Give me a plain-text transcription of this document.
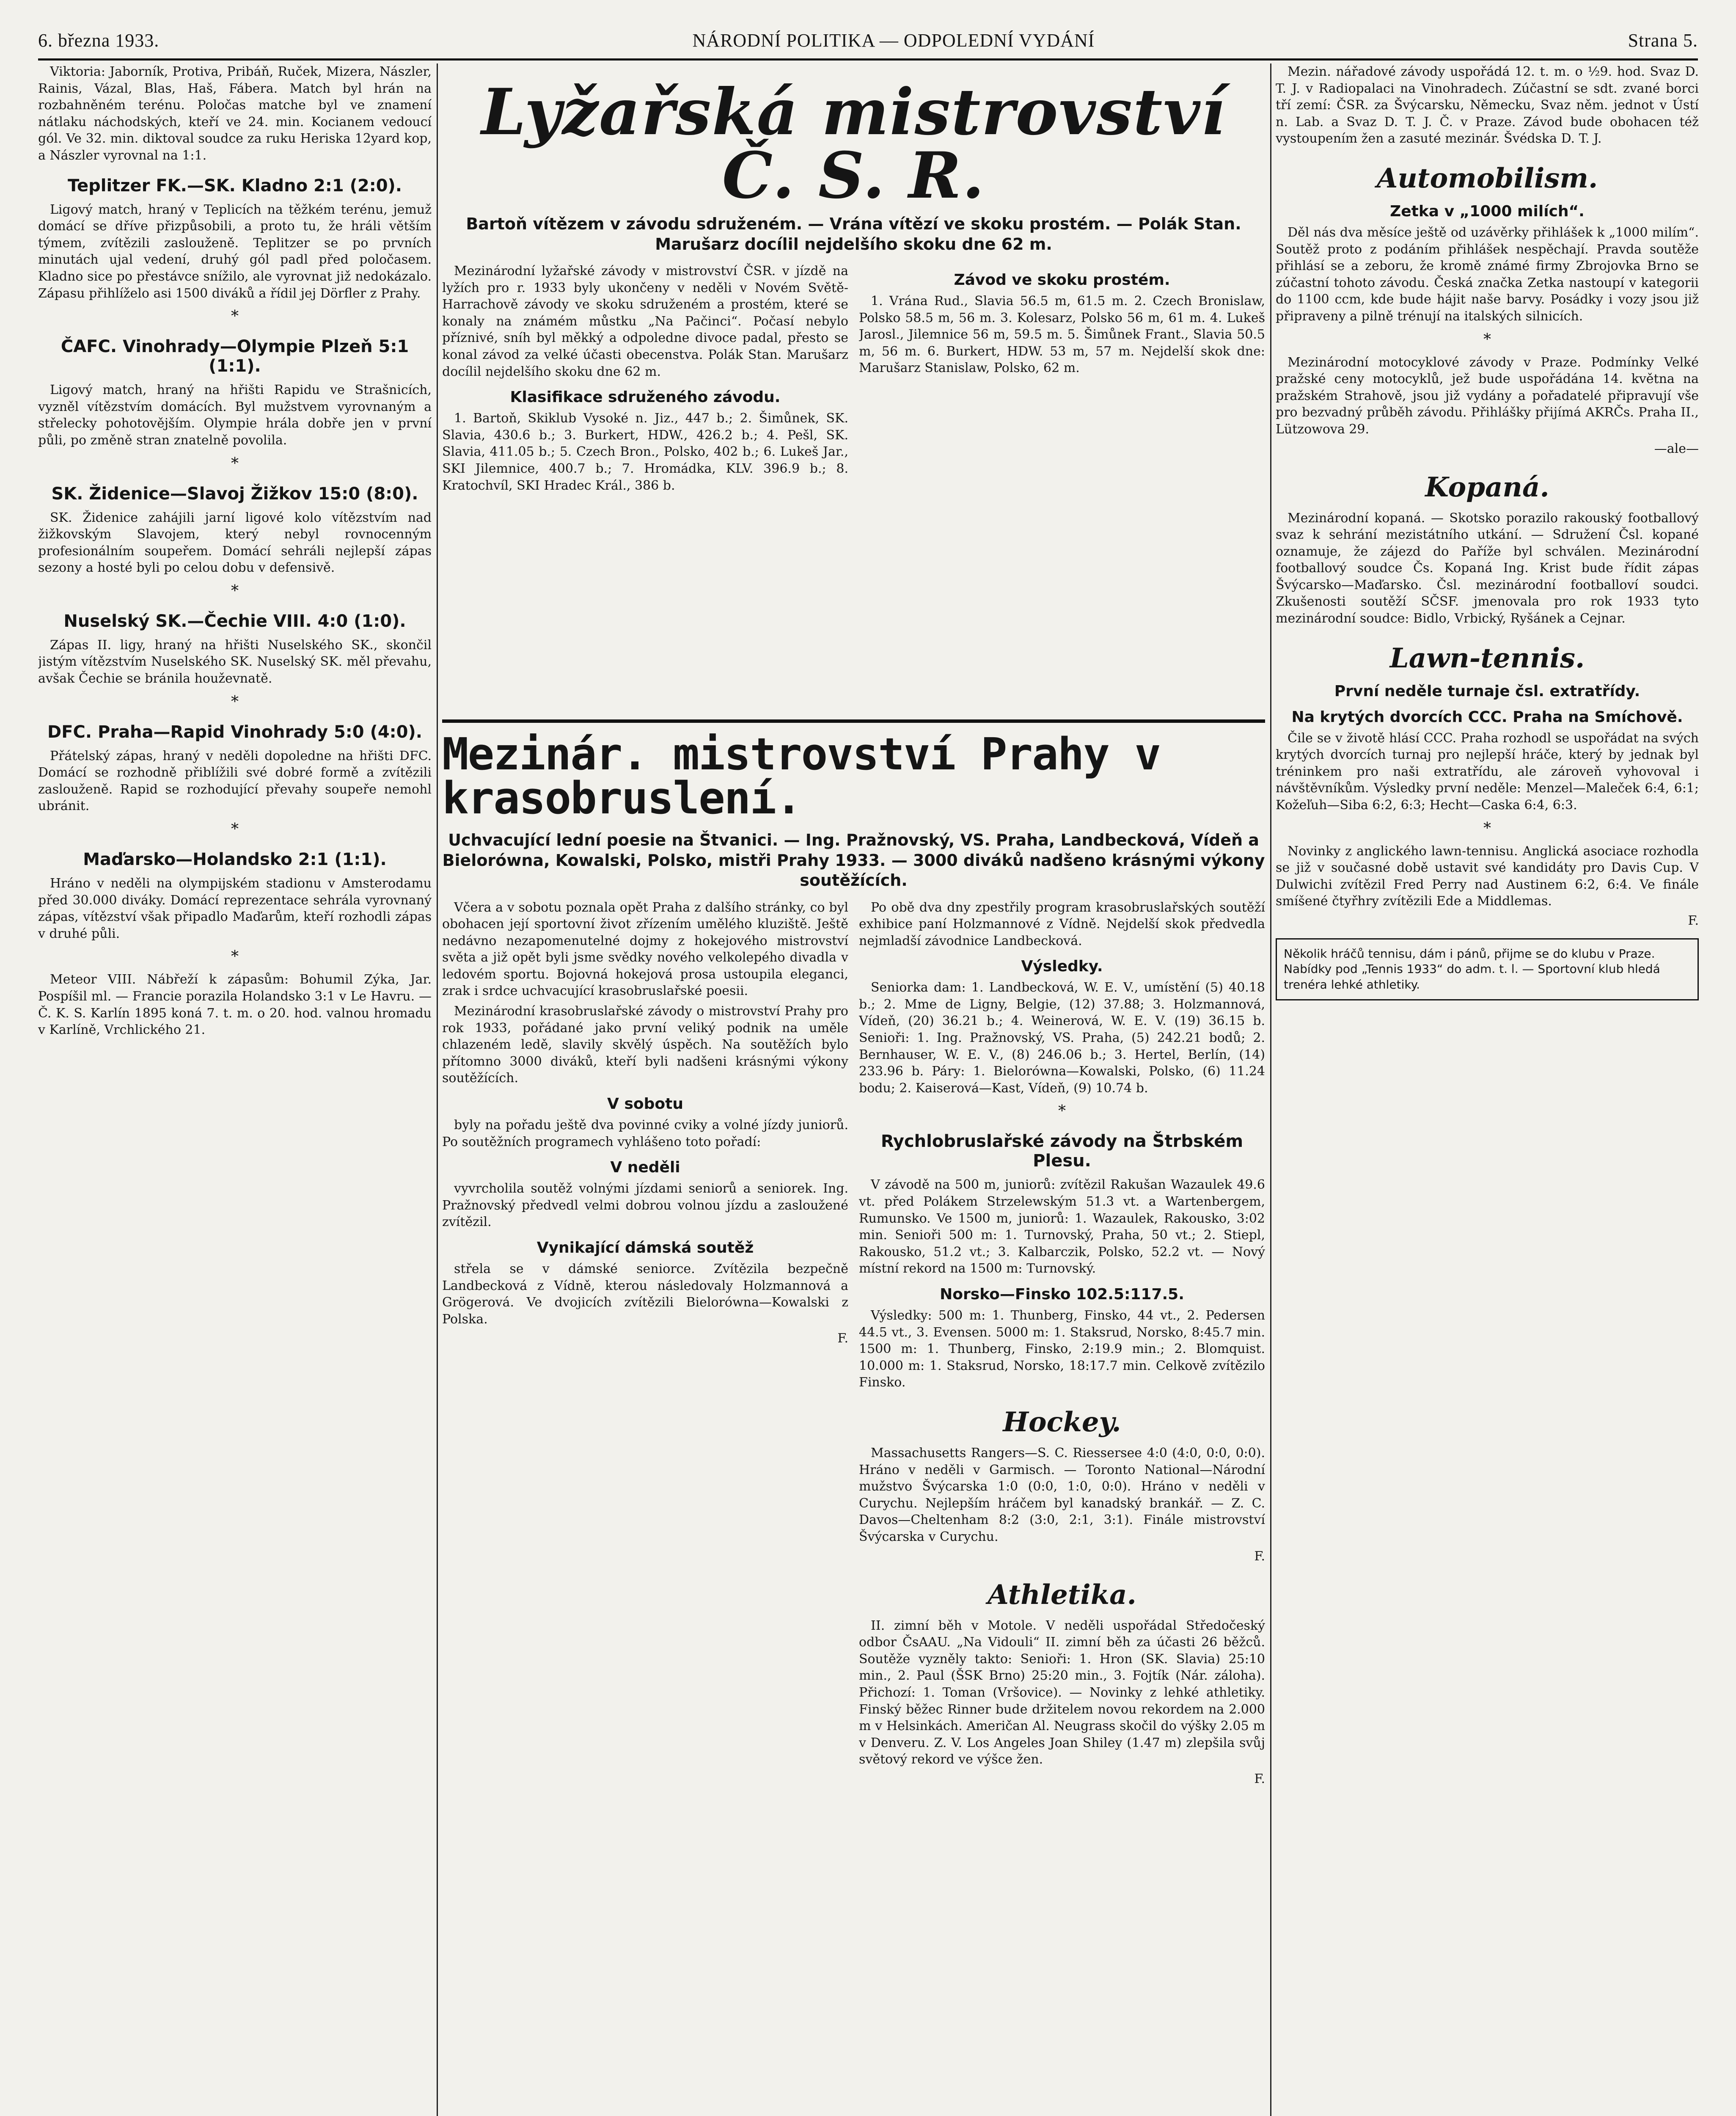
6. března 1933.	NÁRODNÍ POLITIKA — ODPOLEDNÍ VYDÁNÍ	Strana 5.

Viktoria: Jaborník, Protiva, Pribáň, Ruček, Mizera, Nászler, Rainis, Vázal, Blas, Haš, Fábera. Match byl hrán na rozbahněném terénu. Poločas matche byl ve znamení nátlaku náchodských, kteří ve 24. min. Kocianem vedoucí gól. Ve 32. min. diktoval soudce za ruku Heriska 12yard kop, a Nászler vyrovnal na 1:1.

Teplitzer FK.—SK. Kladno 2:1 (2:0).

Ligový match, hraný v Teplicích na těžkém terénu, jemuž domácí se dříve přizpůsobili, a proto tu, že hráli větším týmem, zvítězili zaslouženě. Teplitzer se po prvních minutách ujal vedení, druhý gól padl před poločasem. Kladno sice po přestávce snížilo, ale vyrovnat již nedokázalo. Zápasu přihlíželo asi 1500 diváků a řídil jej Dörfler z Prahy.

*
ČAFC. Vinohrady—Olympie Plzeň 5:1 (1:1).

Ligový match, hraný na hřišti Rapidu ve Strašnicích, vyzněl vítězstvím domácích. Byl mužstvem vyrovnaným a střelecky pohotovějším. Olympie hrála dobře jen v první půli, po změně stran znatelně povolila.

*
SK. Židenice—Slavoj Žižkov 15:0 (8:0).

SK. Židenice zahájili jarní ligové kolo vítězstvím nad žižkovským Slavojem, který nebyl rovnocenným profesionálním soupeřem. Domácí sehráli nejlepší zápas sezony a hosté byli po celou dobu v defensivě.

*
Nuselský SK.—Čechie VIII. 4:0 (1:0).

Zápas II. ligy, hraný na hřišti Nuselského SK., skončil jistým vítězstvím Nuselského SK. Nuselský SK. měl převahu, avšak Čechie se bránila houževnatě.

*
DFC. Praha—Rapid Vinohrady 5:0 (4:0).

Přátelský zápas, hraný v neděli dopoledne na hřišti DFC. Domácí se rozhodně přiblížili své dobré formě a zvítězili zaslouženě. Rapid se rozhodující převahy soupeře nemohl ubránit.

*
Maďarsko—Holandsko 2:1 (1:1).

Hráno v neděli na olympijském stadionu v Amsterodamu před 30.000 diváky. Domácí reprezentace sehrála vyrovnaný zápas, vítězství však připadlo Maďarům, kteří rozhodli zápas v druhé půli.

*

Meteor VIII. Nábřeží k zápasům: Bohumil Zýka, Jar. Pospíšil ml. — Francie porazila Holandsko 3:1 v Le Havru. — Č. K. S. Karlín 1895 koná 7. t. m. o 20. hod. valnou hromadu v Karlíně, Vrchlického 21.

Lyžařská mistrovství Č. S. R.
Bartoň vítězem v závodu sdruženém. — Vrána vítězí ve skoku prostém. — Polák Stan. Marušarz docílil nejdelšího skoku dne 62 m.

Mezinárodní lyžařské závody v mistrovství ČSR. v jízdě na lyžích pro r. 1933 byly ukončeny v neděli v Novém Světě-Harrachově závody ve skoku sdruženém a prostém, které se konaly na známém můstku „Na Pačinci“. Počasí nebylo příznivé, sníh byl měkký a odpoledne divoce padal, přesto se konal závod za velké účasti obecenstva. Polák Stan. Marušarz docílil nejdelšího skoku dne 62 m.

Klasifikace sdruženého závodu.

1. Bartoň, Skiklub Vysoké n. Jiz., 447 b.; 2. Šimůnek, SK. Slavia, 430.6 b.; 3. Burkert, HDW., 426.2 b.; 4. Pešl, SK. Slavia, 411.05 b.; 5. Czech Bron., Polsko, 402 b.; 6. Lukeš Jar., SKI Jilemnice, 400.7 b.; 7. Hromádka, KLV. 396.9 b.; 8. Kratochvíl, SKI Hradec Král., 386 b.

Závod ve skoku prostém.

1. Vrána Rud., Slavia 56.5 m, 61.5 m. 2. Czech Bronislaw, Polsko 58.5 m, 56 m. 3. Kolesarz, Polsko 56 m, 61 m. 4. Lukeš Jarosl., Jilemnice 56 m, 59.5 m. 5. Šimůnek Frant., Slavia 50.5 m, 56 m. 6. Burkert, HDW. 53 m, 57 m. Nejdelší skok dne: Marušarz Stanislaw, Polsko, 62 m.

Mezinár. mistrovství Prahy v krasobruslení.
Uchvacující lední poesie na Štvanici. — Ing. Pražnovský, VS. Praha, Landbecková, Vídeň a Bielorówna, Kowalski, Polsko, mistři Prahy 1933. — 3000 diváků nadšeno krásnými výkony soutěžících.

Včera a v sobotu poznala opět Praha z dalšího stránky, co byl obohacen její sportovní život zřízením umělého kluziště. Ještě nedávno nezapomenutelné dojmy z hokejového mistrovství světa a již opět byli jsme svědky nového velkolepého divadla v ledovém sportu. Bojovná hokejová prosa ustoupila eleganci, zrak i srdce uchvacující krasobruslařské poesii.

Mezinárodní krasobruslařské závody o mistrovství Prahy pro rok 1933, pořádané jako první veliký podnik na uměle chlazeném ledě, slavily skvělý úspěch. Na soutěžích bylo přítomno 3000 diváků, kteří byli nadšeni krásnými výkony soutěžících.

V sobotu

byly na pořadu ještě dva povinné cviky a volné jízdy juniorů. Po soutěžních programech vyhlášeno toto pořadí:

V neděli

vyvrcholila soutěž volnými jízdami seniorů a seniorek. Ing. Pražnovský předvedl velmi dobrou volnou jízdu a zasloužené zvítězil.

Vynikající dámská soutěž

střela se v dámské seniorce. Zvítězila bezpečně Landbecková z Vídně, kterou následovaly Holzmannová a Grögerová. Ve dvojicích zvítězili Bielorówna—Kowalski z Polska.

F.

Po obě dva dny zpestřily program krasobruslařských soutěží exhibice paní Holzmannové z Vídně. Nejdelší skok předvedla nejmladší závodnice Landbecková.

Výsledky.

Seniorka dam: 1. Landbecková, W. E. V., umístění (5) 40.18 b.; 2. Mme de Ligny, Belgie, (12) 37.88; 3. Holzmannová, Vídeň, (20) 36.21 b.; 4. Weinerová, W. E. V. (19) 36.15 b. Senioři: 1. Ing. Pražnovský, VS. Praha, (5) 242.21 bodů; 2. Bernhauser, W. E. V., (8) 246.06 b.; 3. Hertel, Berlín, (14) 233.96 b. Páry: 1. Bielorówna—Kowalski, Polsko, (6) 11.24 bodu; 2. Kaiserová—Kast, Vídeň, (9) 10.74 b.

*
Rychlobruslařské závody na Štrbském Plesu.

V závodě na 500 m, juniorů: zvítězil Rakušan Wazaulek 49.6 vt. před Polákem Strzelewským 51.3 vt. a Wartenbergem, Rumunsko. Ve 1500 m, juniorů: 1. Wazaulek, Rakousko, 3:02 min. Senioři 500 m: 1. Turnovský, Praha, 50 vt.; 2. Stiepl, Rakousko, 51.2 vt.; 3. Kalbarczik, Polsko, 52.2 vt. — Nový místní rekord na 1500 m: Turnovský.

Norsko—Finsko 102.5:117.5.

Výsledky: 500 m: 1. Thunberg, Finsko, 44 vt., 2. Pedersen 44.5 vt., 3. Evensen. 5000 m: 1. Staksrud, Norsko, 8:45.7 min. 1500 m: 1. Thunberg, Finsko, 2:19.9 min.; 2. Blomquist. 10.000 m: 1. Staksrud, Norsko, 18:17.7 min. Celkově zvítězilo Finsko.

Hockey.

Massachusetts Rangers—S. C. Riessersee 4:0 (4:0, 0:0, 0:0). Hráno v neděli v Garmisch. — Toronto National—Národní mužstvo Švýcarska 1:0 (0:0, 1:0, 0:0). Hráno v neděli v Curychu. Nejlepším hráčem byl kanadský brankář. — Z. C. Davos—Cheltenham 8:2 (3:0, 2:1, 3:1). Finále mistrovství Švýcarska v Curychu.

F.
Athletika.

II. zimní běh v Motole. V neděli uspořádal Středočeský odbor ČsAAU. „Na Vidouli“ II. zimní běh za účasti 26 běžců. Soutěže vyzněly takto: Senioři: 1. Hron (SK. Slavia) 25:10 min., 2. Paul (ŠSK Brno) 25:20 min., 3. Fojtík (Nár. záloha). Přichozí: 1. Toman (Vršovice). — Novinky z lehké athletiky. Finský běžec Rinner bude držitelem novou rekordem na 2.000 m v Helsinkách. Američan Al. Neugrass skočil do výšky 2.05 m v Denveru. Z. V. Los Angeles Joan Shiley (1.47 m) zlepšila svůj světový rekord ve výšce žen.

F.

Mezin. nářadové závody uspořádá 12. t. m. o ½9. hod. Svaz D. T. J. v Radiopalaci na Vinohradech. Zúčastní se sdt. zvané borci tří zemí: ČSR. za Švýcarsku, Německu, Svaz něm. jednot v Ústí n. Lab. a Svaz D. T. J. Č. v Praze. Závod bude obohacen též vystoupením žen a zasuté mezinár. Švédska D. T. J.

Automobilism.
Zetka v „1000 milích“.

Děl nás dva měsíce ještě od uzávěrky přihlášek k „1000 milím“. Soutěž proto z podáním přihlášek nespěchají. Pravda soutěže přihlásí se a zeboru, že kromě známé firmy Zbrojovka Brno se zúčastní tohoto závodu. Česká značka Zetka nastoupí v kategorii do 1100 ccm, kde bude hájit naše barvy. Posádky i vozy jsou již připraveny a pilně trénují na italských silnicích.

*

Mezinárodní motocyklové závody v Praze. Podmínky Velké pražské ceny motocyklů, jež bude uspořádána 14. května na pražském Strahově, jsou již vydány a pořadatelé připravují vše pro bezvadný průběh závodu. Přihlášky přijímá AKRČs. Praha II., Lützowova 29.

—ale—
Kopaná.

Mezinárodní kopaná. — Skotsko porazilo rakouský footballový svaz k sehrání mezistátního utkání. — Sdružení Čsl. kopané oznamuje, že zájezd do Paříže byl schválen. Mezinárodní footballový soudce Čs. Kopaná Ing. Krist bude řídit zápas Švýcarsko—Maďarsko. Čsl. mezinárodní footballoví soudci. Zkušenosti soutěží SČSF. jmenovala pro rok 1933 tyto mezinárodní soudce: Bidlo, Vrbický, Ryšánek a Cejnar.

Lawn-tennis.
První neděle turnaje čsl. extratřídy.
Na krytých dvorcích CCC. Praha na Smíchově.

Čile se v životě hlásí CCC. Praha rozhodl se uspořádat na svých krytých dvorcích turnaj pro nejlepší hráče, který by jednak byl tréninkem pro naši extratřídu, ale zároveň vyhovoval i návštěvníkům. Výsledky první neděle: Menzel—Maleček 6:4, 6:1; Kožeľuh—Siba 6:2, 6:3; Hecht—Caska 6:4, 6:3.

*

Novinky z anglického lawn-tennisu. Anglická asociace rozhodla se již v současné době ustavit své kandidáty pro Davis Cup. V Dulwichi zvítězil Fred Perry nad Austinem 6:2, 6:4. Ve finále smíšené čtyřhry zvítězili Ede a Middlemas.

F.
Několik hráčů tennisu, dám i pánů, přijme se do klubu v Praze. Nabídky pod „Tennis 1933“ do adm. t. l. — Sportovní klub hledá trenéra lehké athletiky.
